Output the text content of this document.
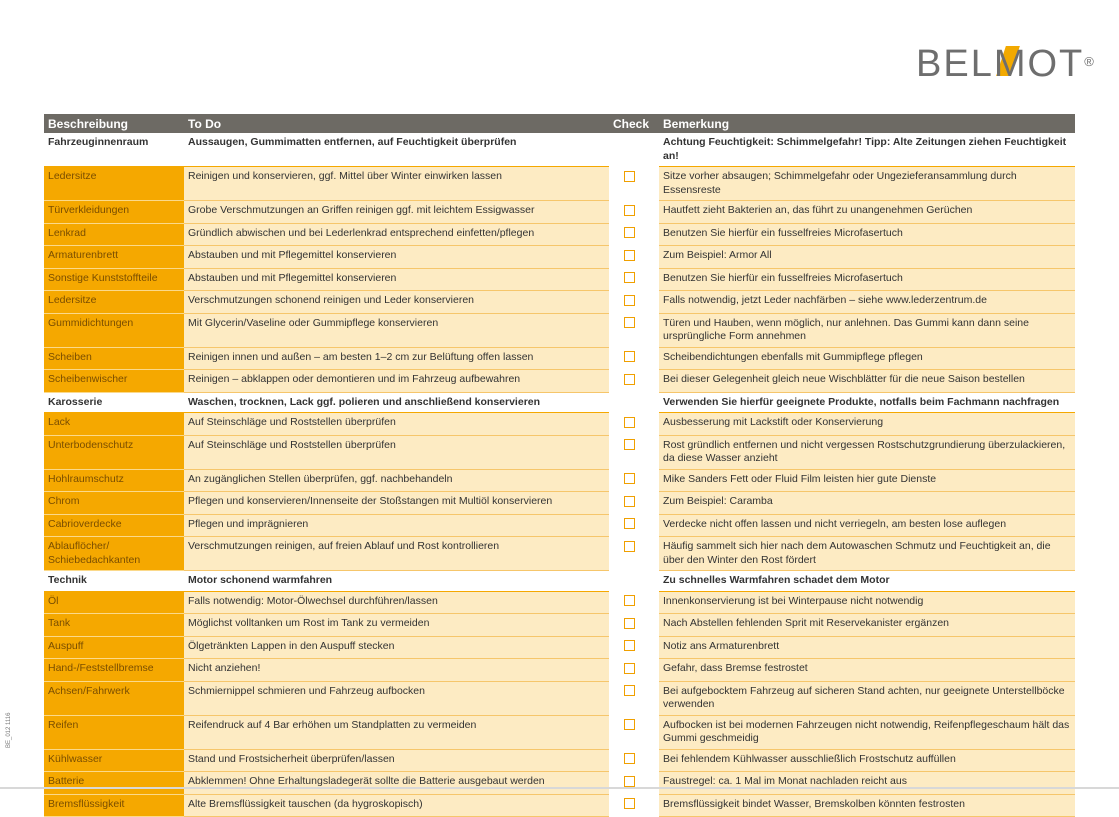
BELMOT®
Beschreibung	To Do	Check		Bemerkung
Fahrzeuginnenraum	Aussaugen, Gummimatten entfernen, auf Feuchtigkeit überprüfen			Achtung Feuchtigkeit: Schimmelgefahr! Tipp: Alte Zeitungen ziehen Feuchtigkeit an!
Ledersitze	Reinigen und konservieren, ggf. Mittel über Winter einwirken lassen			Sitze vorher absaugen; Schimmelgefahr oder Ungezieferansammlung durch Essensreste
Türverkleidungen	Grobe Verschmutzungen an Griffen reinigen ggf. mit leichtem Essigwasser			Hautfett zieht Bakterien an, das führt zu unangenehmen Gerüchen
Lenkrad	Gründlich abwischen und bei Lederlenkrad entsprechend einfetten/pflegen			Benutzen Sie hierfür ein fusselfreies Microfasertuch
Armaturenbrett	Abstauben und mit Pflegemittel konservieren			Zum Beispiel: Armor All
Sonstige Kunststoffteile	Abstauben und mit Pflegemittel konservieren			Benutzen Sie hierfür ein fusselfreies Microfasertuch
Ledersitze	Verschmutzungen schonend reinigen und Leder konservieren			Falls notwendig, jetzt Leder nachfärben – siehe www.lederzentrum.de
Gummidichtungen	Mit Glycerin/Vaseline oder Gummipflege konservieren			Türen und Hauben, wenn möglich, nur anlehnen. Das Gummi kann dann seine ursprüngliche Form annehmen
Scheiben	Reinigen innen und außen – am besten 1–2 cm zur Belüftung offen lassen			Scheibendichtungen ebenfalls mit Gummipflege pflegen
Scheibenwischer	Reinigen – abklappen oder demontieren und im Fahrzeug aufbewahren			Bei dieser Gelegenheit gleich neue Wischblätter für die neue Saison bestellen
Karosserie	Waschen, trocknen, Lack ggf. polieren und anschließend konservieren			Verwenden Sie hierfür geeignete Produkte, notfalls beim Fachmann nachfragen
Lack	Auf Steinschläge und Roststellen überprüfen			Ausbesserung mit Lackstift oder Konservierung
Unterbodenschutz	Auf Steinschläge und Roststellen überprüfen			Rost gründlich entfernen und nicht vergessen Rostschutzgrundierung überzulackieren, da diese Wasser anzieht
Hohlraumschutz	An zugänglichen Stellen überprüfen, ggf. nachbehandeln			Mike Sanders Fett oder Fluid Film leisten hier gute Dienste
Chrom	Pflegen und konservieren/Innenseite der Stoßstangen mit Multiöl konservieren			Zum Beispiel: Caramba
Cabrioverdecke	Pflegen und imprägnieren			Verdecke nicht offen lassen und nicht verriegeln, am besten lose auflegen
Ablauflöcher/ Schiebedachkanten	Verschmutzungen reinigen, auf freien Ablauf und Rost kontrollieren			Häufig sammelt sich hier nach dem Autowaschen Schmutz und Feuchtigkeit an, die über den Winter den Rost fördert
Technik	Motor schonend warmfahren			Zu schnelles Warmfahren schadet dem Motor
Öl	Falls notwendig: Motor-Ölwechsel durchführen/lassen			Innenkonservierung ist bei Winterpause nicht notwendig
Tank	Möglichst volltanken um Rost im Tank zu vermeiden			Nach Abstellen fehlenden Sprit mit Reservekanister ergänzen
Auspuff	Ölgetränkten Lappen in den Auspuff stecken			Notiz ans Armaturenbrett
Hand-/Feststellbremse	Nicht anziehen!			Gefahr, dass Bremse festrostet
Achsen/Fahrwerk	Schmiernippel schmieren und Fahrzeug aufbocken			Bei aufgebocktem Fahrzeug auf sicheren Stand achten, nur geeignete Unterstellböcke verwenden
Reifen	Reifendruck auf 4 Bar erhöhen um Standplatten zu vermeiden			Aufbocken ist bei modernen Fahrzeugen nicht notwendig, Reifenpflegeschaum hält das Gummi geschmeidig
Kühlwasser	Stand und Frostsicherheit überprüfen/lassen			Bei fehlendem Kühlwasser ausschließlich Frostschutz auffüllen
Batterie	Abklemmen! Ohne Erhaltungsladegerät sollte die Batterie ausgebaut werden			Faustregel: ca. 1 Mal im Monat nachladen reicht aus
Bremsflüssigkeit	Alte Bremsflüssigkeit tauschen (da hygroskopisch)			Bremsflüssigkeit bindet Wasser, Bremskolben könnten festrosten
BE_012 1116
